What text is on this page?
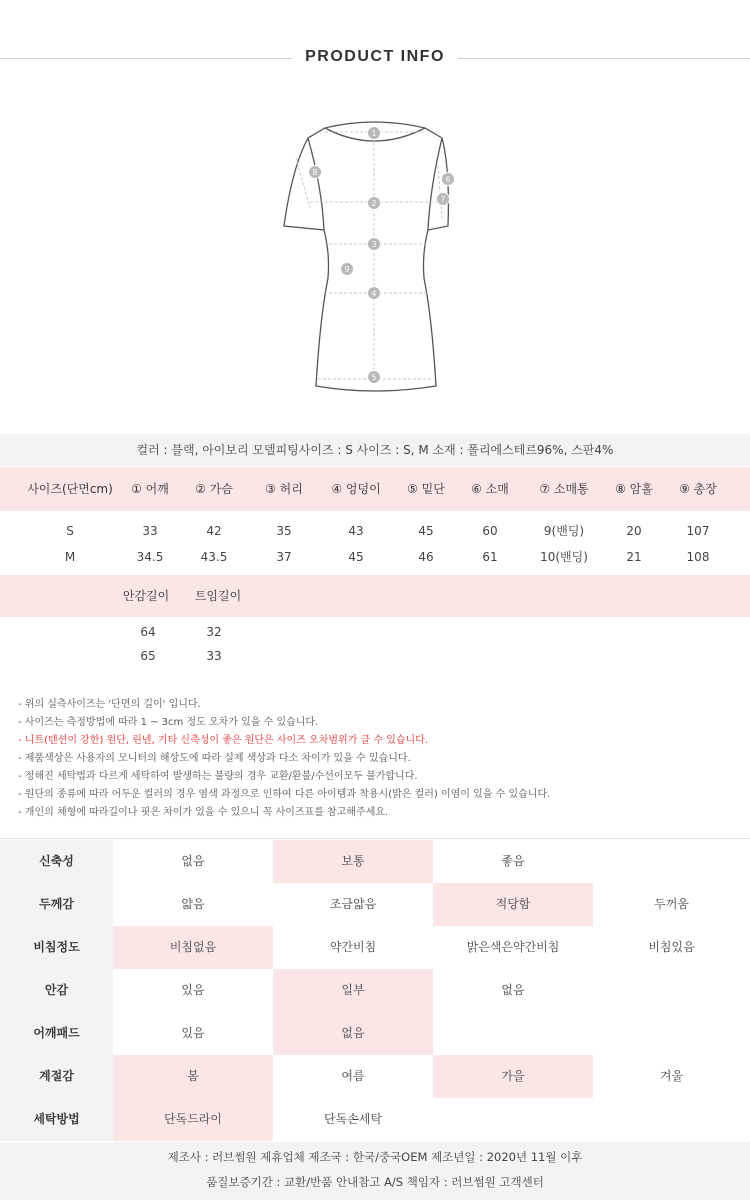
PRODUCT INFO
1
2
3
4
5
6
7
8
9
컬러 : 블랙, 아이보리 모델피팅사이즈 : S 사이즈 : S, M 소재 : 폴리에스테르96%, 스판4%
사이즈(단면cm)	① 어깨	② 가슴	③ 허리	④ 엉덩이	⑤ 밑단	⑥ 소매	⑦ 소매통	⑧ 암홀	⑨ 총장
S	33	42	35	43	45	60	9(밴딩)	20	107
M	34.5	43.5	37	45	46	61	10(밴딩)	21	108
안감길이	트임길이
64	32
65	33
- 위의 실측사이즈는 '단면의 길이' 입니다.
- 사이즈는 측정방법에 따라 1 ~ 3cm 정도 오차가 있을 수 있습니다.
- 니트(텐션이 강한) 원단, 린넨, 기타 신축성이 좋은 원단은 사이즈 오차범위가 클 수 있습니다.
- 제품색상은 사용자의 모니터의 해상도에 따라 실제 색상과 다소 차이가 있을 수 있습니다.
- 정해진 세탁법과 다르게 세탁하여 발생하는 불량의 경우 교환/환불/수선이모두 불가합니다.
- 원단의 종류에 따라 어두운 컬러의 경우 염색 과정으로 인하여 다른 아이템과 착용시(밝은 컬러) 이염이 있을 수 있습니다.
- 개인의 체형에 따라길이나 핏은 차이가 있을 수 있으니 꼭 사이즈표를 참고해주세요.
신축성	없음	보통	좋음
두께감	얇음	조금얇음	적당함	두꺼움
비침정도	비침없음	약간비침	밝은색은약간비침	비침있음
안감	있음	일부	없음
어깨패드	있음	없음
계절감	봄	여름	가을	겨울
세탁방법	단독드라이	단독손세탁
제조사 : 러브썸원 제휴업체 제조국 : 한국/중국OEM 제조년일 : 2020년 11월 이후
품질보증기간 : 교환/반품 안내참고 A/S 책임자 : 러브썸원 고객센터
